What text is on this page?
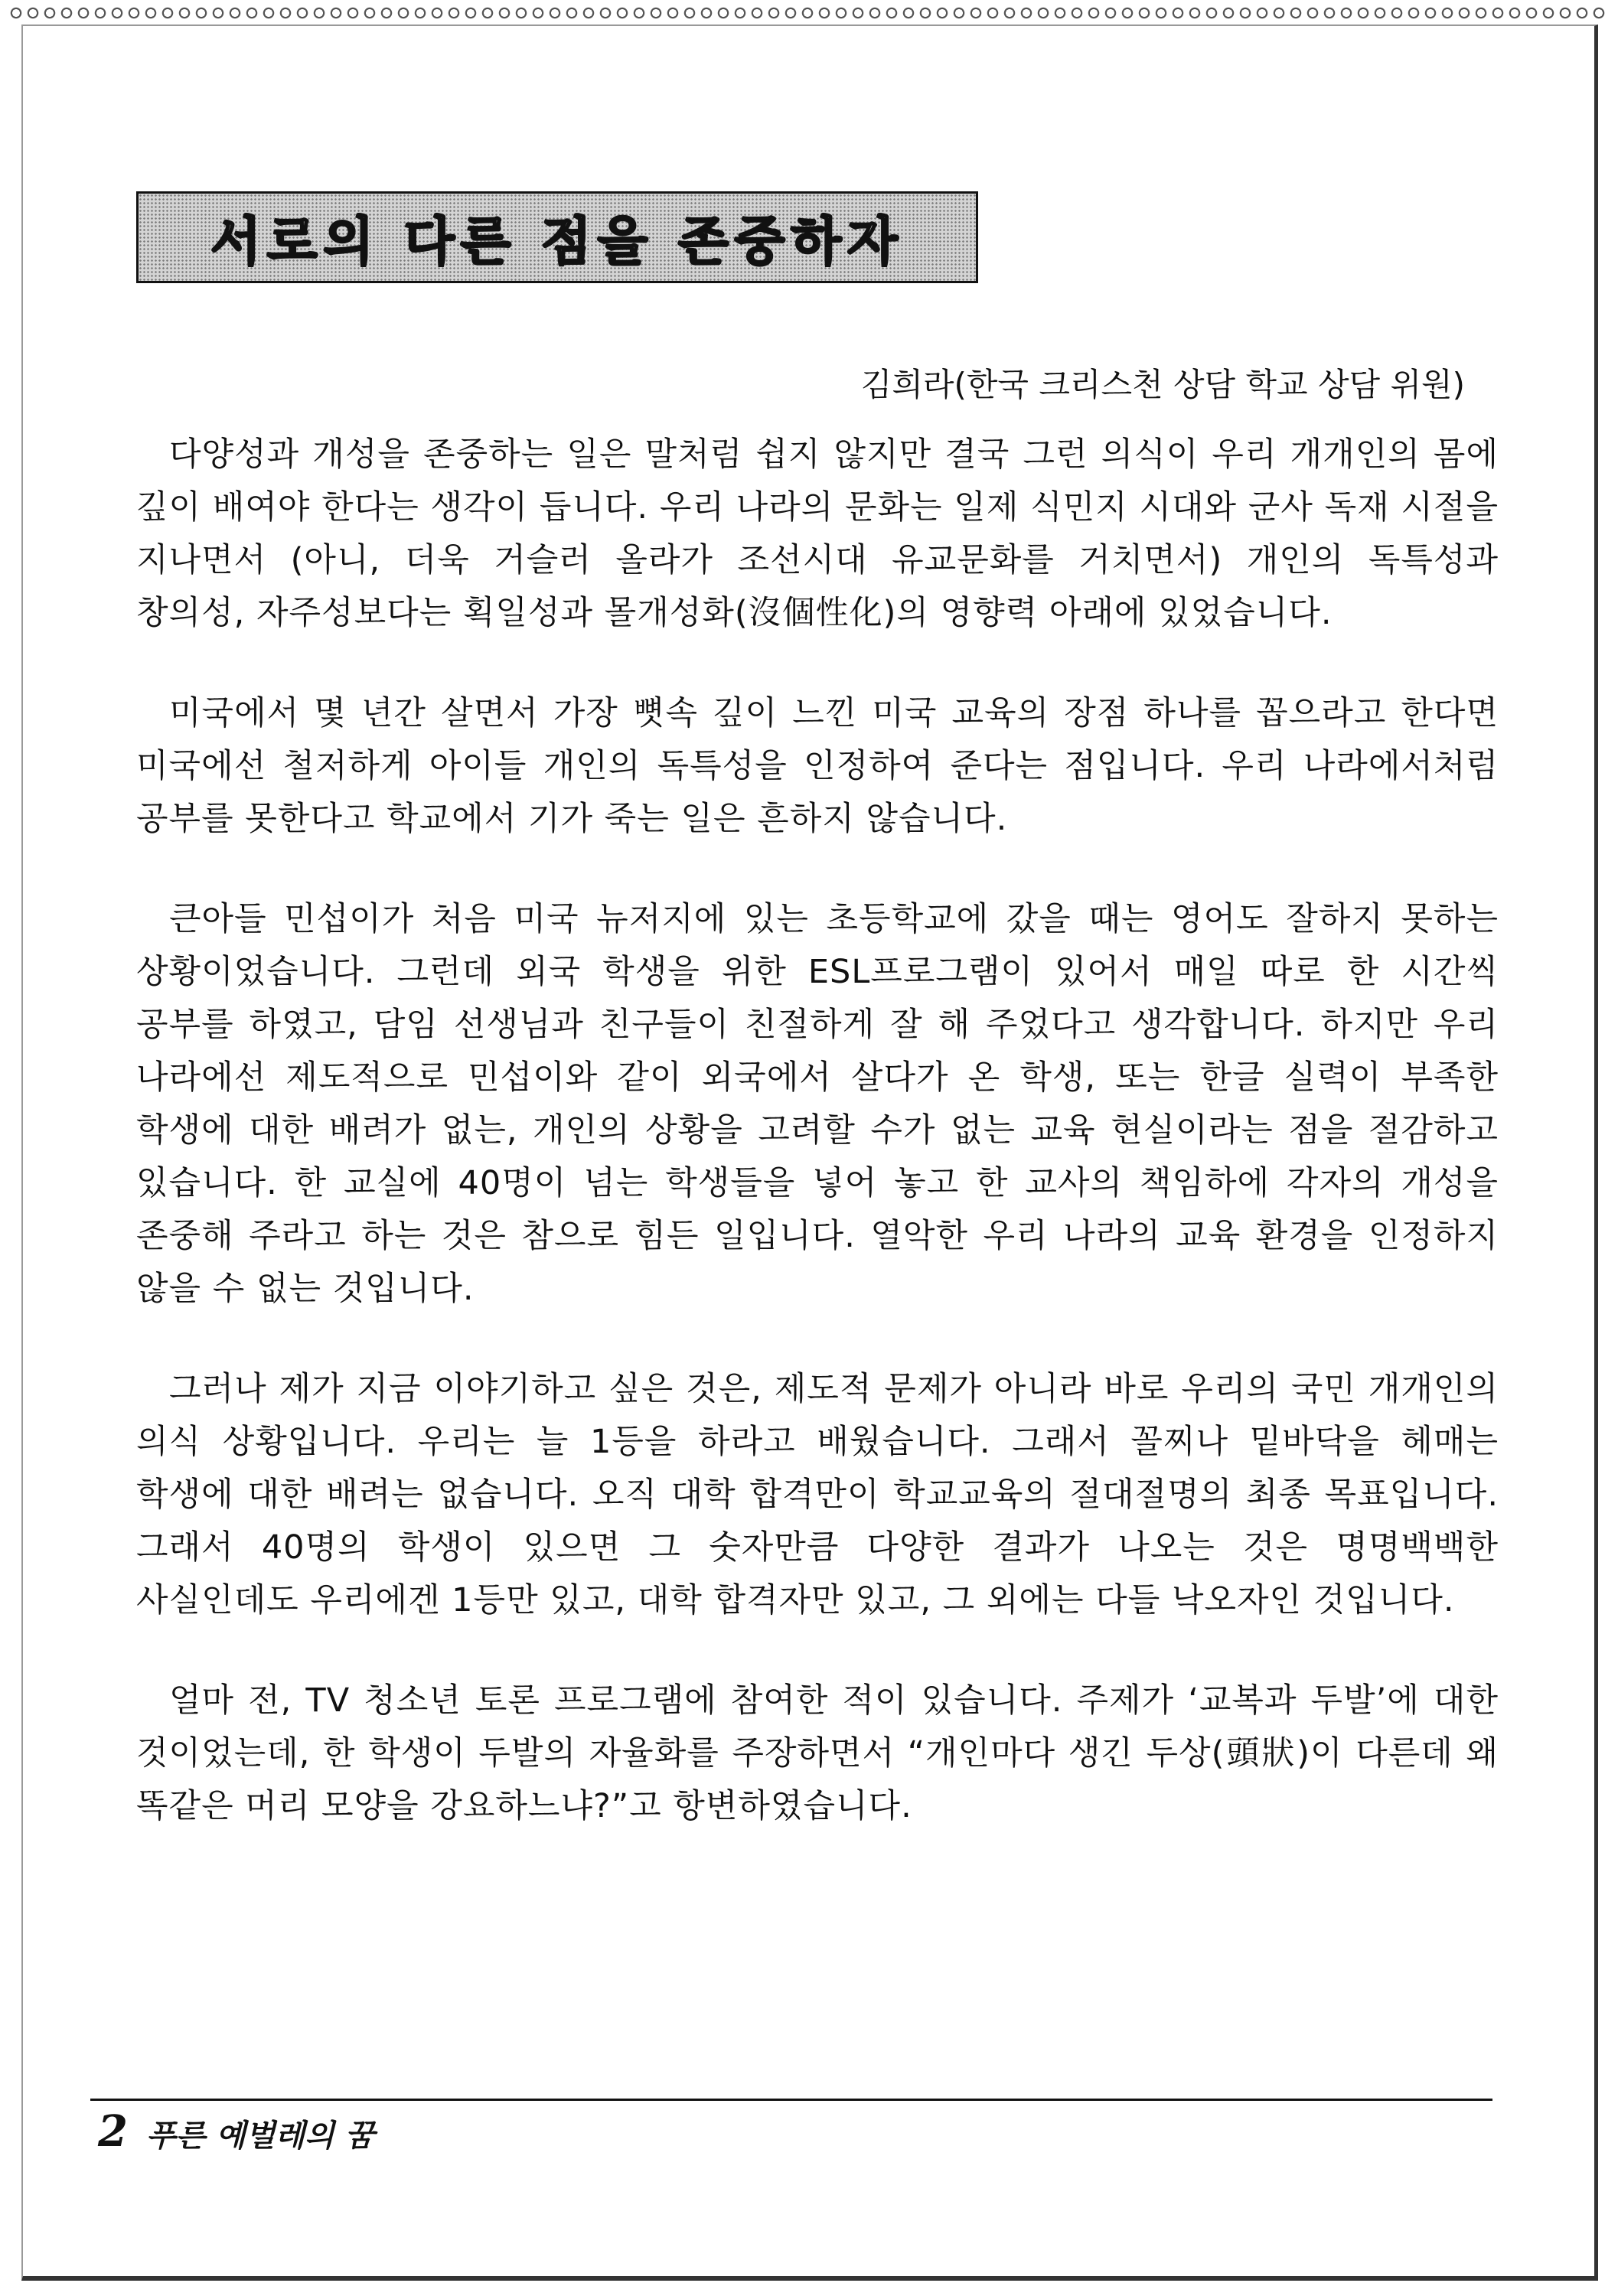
서로의 다른 점을 존중하자
김희라(한국 크리스천 상담 학교 상담 위원)

다양성과 개성을 존중하는 일은 말처럼 쉽지 않지만 결국 그런 의식이 우리 개개인의 몸에 깊이 배여야 한다는 생각이 듭니다. 우리 나라의 문화는 일제 식민지 시대와 군사 독재 시절을 지나면서 (아니, 더욱 거슬러 올라가 조선시대 유교문화를 거치면서) 개인의 독특성과 창의성, 자주성보다는 획일성과 몰개성화(沒個性化)의 영향력 아래에 있었습니다.

미국에서 몇 년간 살면서 가장 뼛속 깊이 느낀 미국 교육의 장점 하나를 꼽으라고 한다면 미국에선 철저하게 아이들 개인의 독특성을 인정하여 준다는 점입니다. 우리 나라에서처럼 공부를 못한다고 학교에서 기가 죽는 일은 흔하지 않습니다.

큰아들 민섭이가 처음 미국 뉴저지에 있는 초등학교에 갔을 때는 영어도 잘하지 못하는 상황이었습니다. 그런데 외국 학생을 위한 ESL프로그램이 있어서 매일 따로 한 시간씩 공부를 하였고, 담임 선생님과 친구들이 친절하게 잘 해 주었다고 생각합니다. 하지만 우리 나라에선 제도적으로 민섭이와 같이 외국에서 살다가 온 학생, 또는 한글 실력이 부족한 학생에 대한 배려가 없는, 개인의 상황을 고려할 수가 없는 교육 현실이라는 점을 절감하고 있습니다. 한 교실에 40명이 넘는 학생들을 넣어 놓고 한 교사의 책임하에 각자의 개성을 존중해 주라고 하는 것은 참으로 힘든 일입니다. 열악한 우리 나라의 교육 환경을 인정하지 않을 수 없는 것입니다.

그러나 제가 지금 이야기하고 싶은 것은, 제도적 문제가 아니라 바로 우리의 국민 개개인의 의식 상황입니다. 우리는 늘 1등을 하라고 배웠습니다. 그래서 꼴찌나 밑바닥을 헤매는 학생에 대한 배려는 없습니다. 오직 대학 합격만이 학교교육의 절대절명의 최종 목표입니다. 그래서 40명의 학생이 있으면 그 숫자만큼 다양한 결과가 나오는 것은 명명백백한 사실인데도 우리에겐 1등만 있고, 대학 합격자만 있고, 그 외에는 다들 낙오자인 것입니다.

얼마 전, TV 청소년 토론 프로그램에 참여한 적이 있습니다. 주제가 ‘교복과 두발’에 대한 것이었는데, 한 학생이 두발의 자율화를 주장하면서 “개인마다 생긴 두상(頭狀)이 다른데 왜 똑같은 머리 모양을 강요하느냐?”고 항변하였습니다.

2 푸른 예벌레의 꿈
